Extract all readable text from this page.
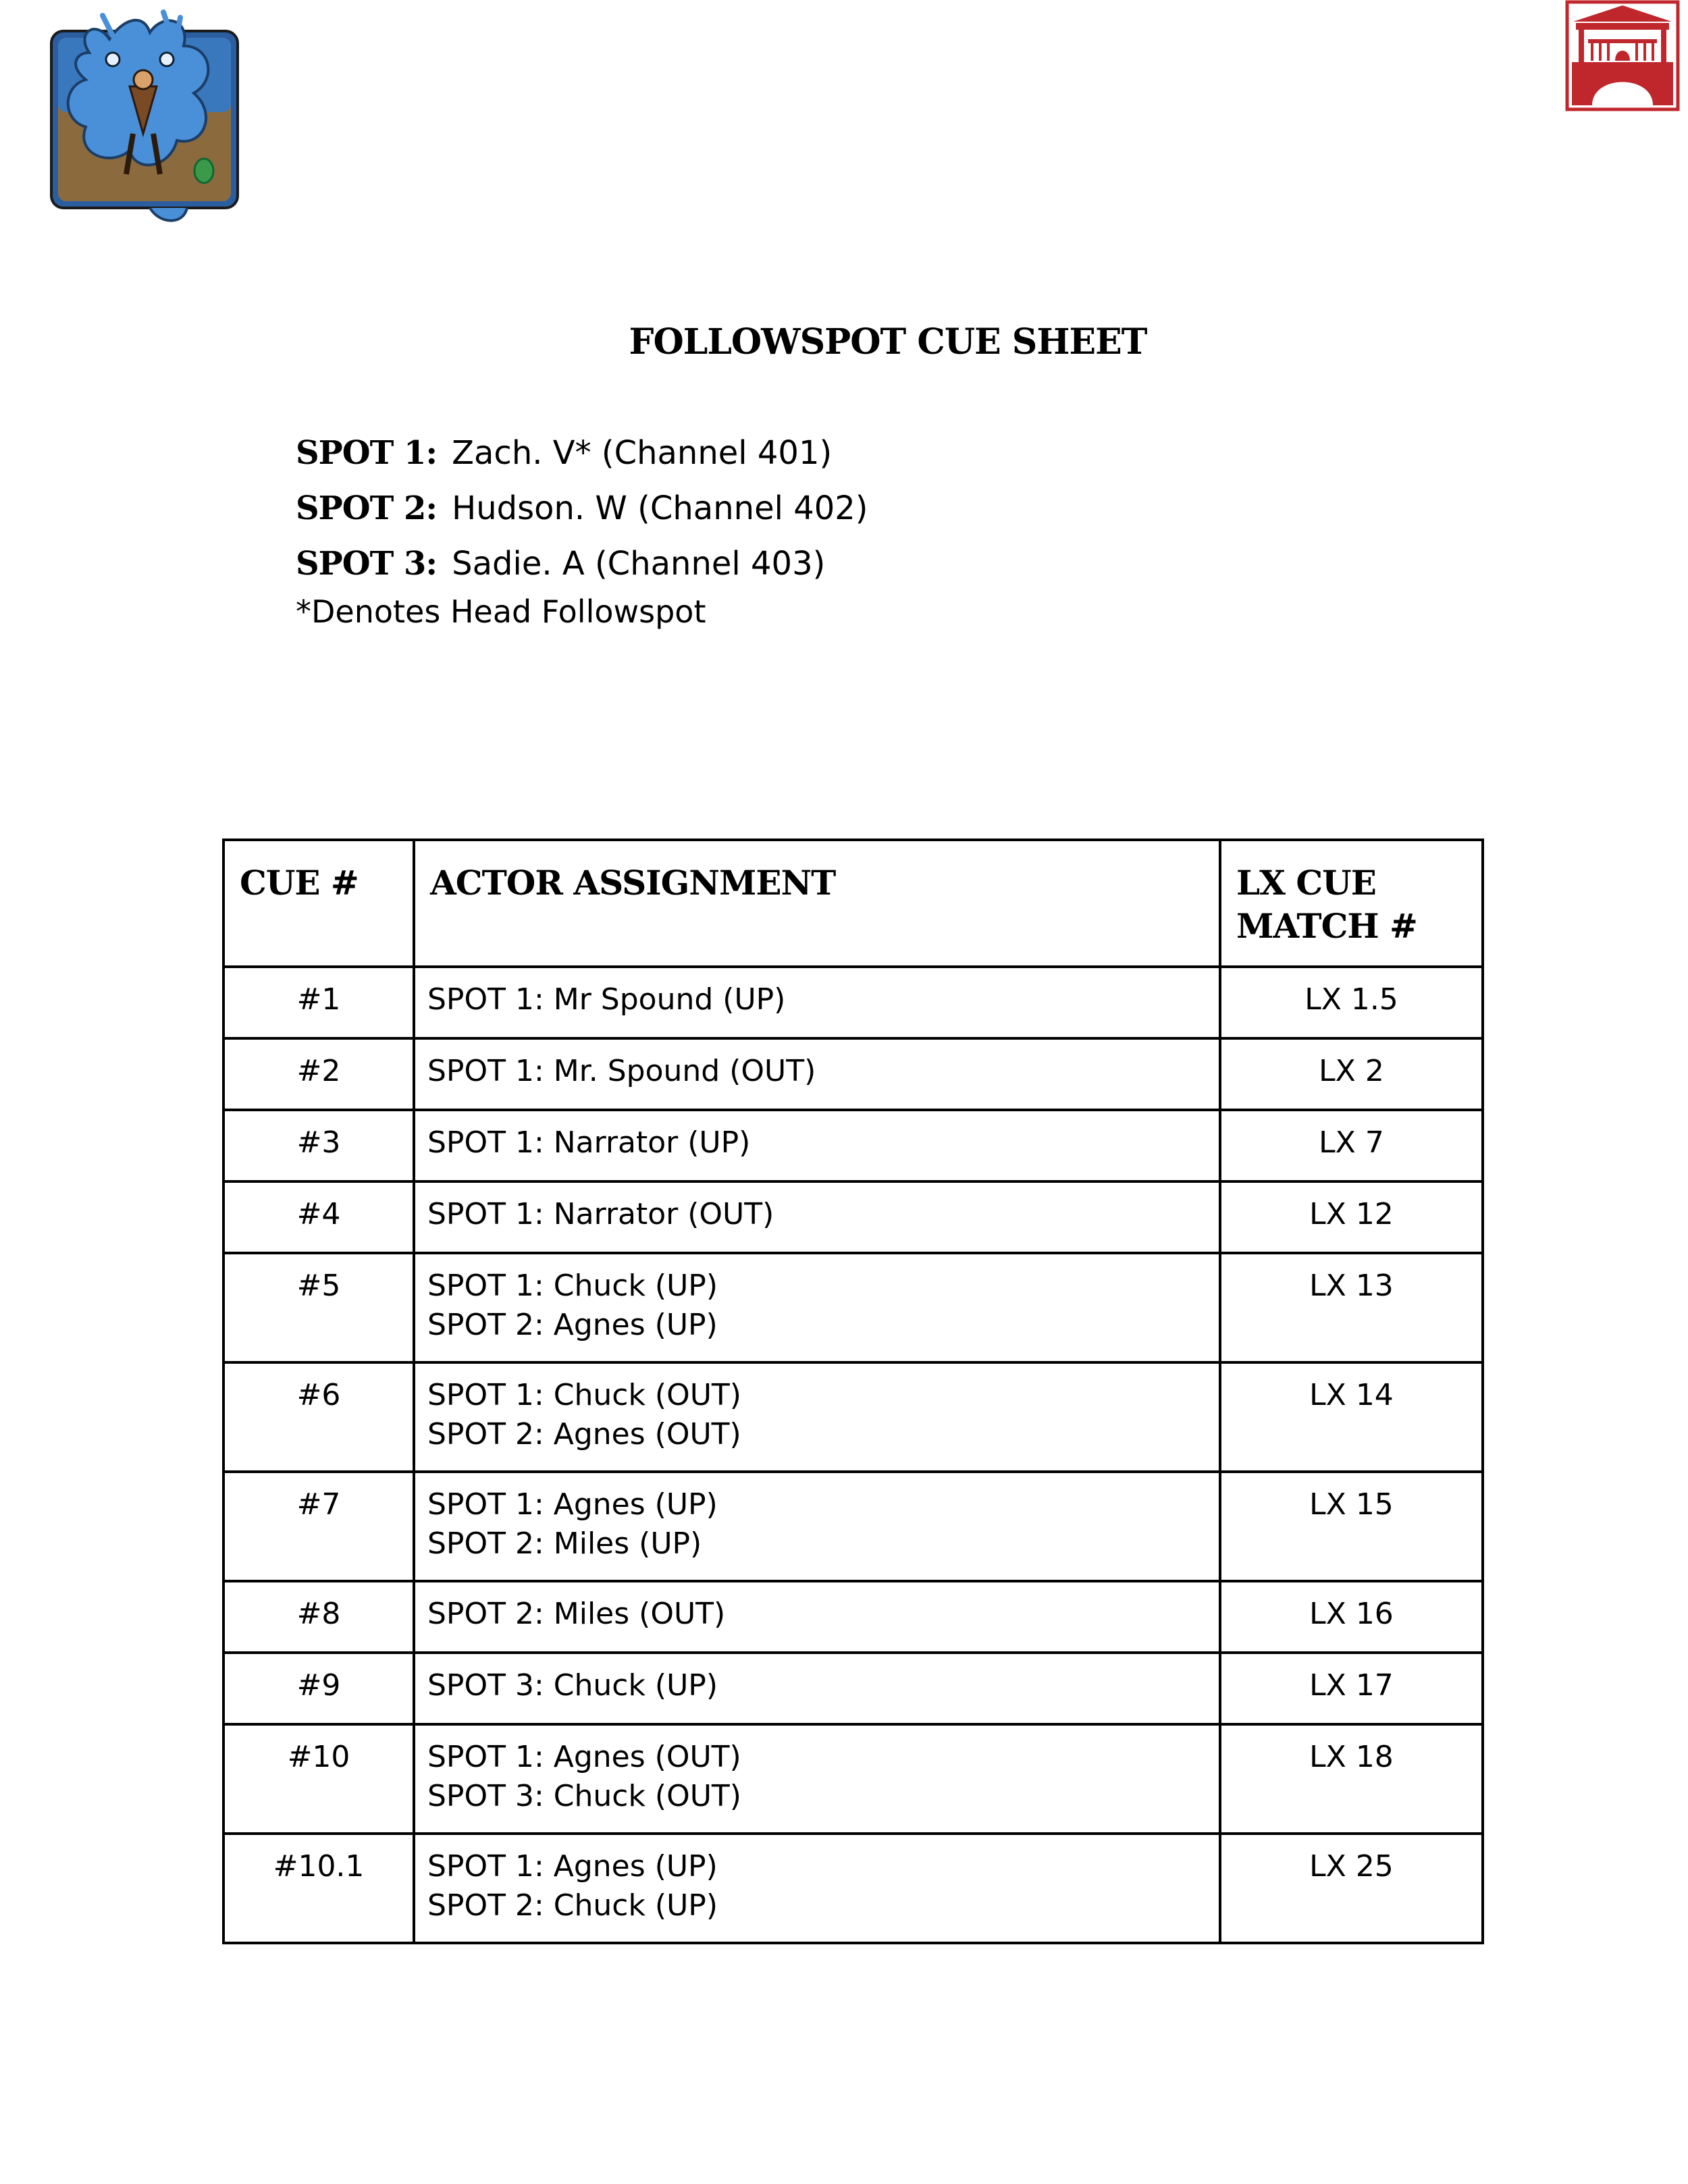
FOLLOWSPOT CUE SHEET
SPOT 1: Zach. V* (Channel 401)
SPOT 2: Hudson. W (Channel 402)
SPOT 3: Sadie. A (Channel 403)
*Denotes Head Followspot
CUE #	ACTOR ASSIGNMENT	LX CUE
MATCH #

#1	SPOT 1: Mr Spound (UP)	LX 1.5
#2	SPOT 1: Mr. Spound (OUT)	LX 2
#3	SPOT 1: Narrator (UP)	LX 7
#4	SPOT 1: Narrator (OUT)	LX 12
#5	SPOT 1: Chuck (UP)
SPOT 2: Agnes (UP)	LX 13
#6	SPOT 1: Chuck (OUT)
SPOT 2: Agnes (OUT)	LX 14
#7	SPOT 1: Agnes (UP)
SPOT 2: Miles (UP)	LX 15
#8	SPOT 2: Miles (OUT)	LX 16
#9	SPOT 3: Chuck (UP)	LX 17
#10	SPOT 1: Agnes (OUT)
SPOT 3: Chuck (OUT)	LX 18
#10.1	SPOT 1: Agnes (UP)
SPOT 2: Chuck (UP)	LX 25
